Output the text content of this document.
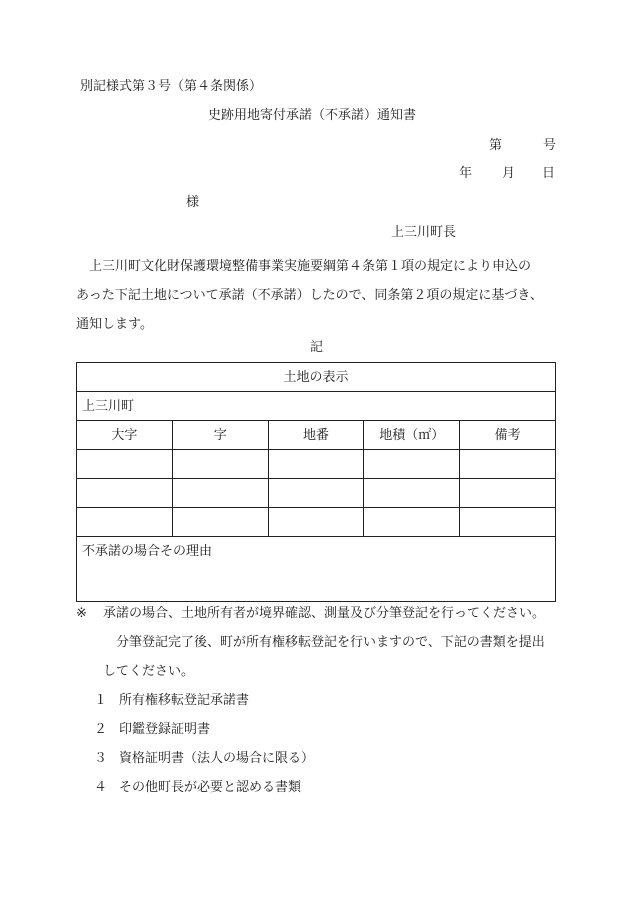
別記様式第３号（第４条関係）
史跡用地寄付承諾（不承諾）通知書
第	号
年 月 日
様
上三川町長
上三川町文化財保護環境整備事業実施要綱第４条第１項の規定により申込の
あった下記土地について承諾（不承諾）したので、同条第２項の規定に基づき、
通知します。
記
土地の表示				
上三川町				
大字	字	地番	地積（㎡）	備考

不承諾の場合その理由				
※	承諾の場合、土地所有者が境界確認、測量及び分筆登記を行ってください。
分筆登記完了後、町が所有権移転登記を行いますので、下記の書類を提出
してください。
１ 所有権移転登記承諾書
２ 印鑑登録証明書
３ 資格証明書（法人の場合に限る）
４ その他町長が必要と認める書類
